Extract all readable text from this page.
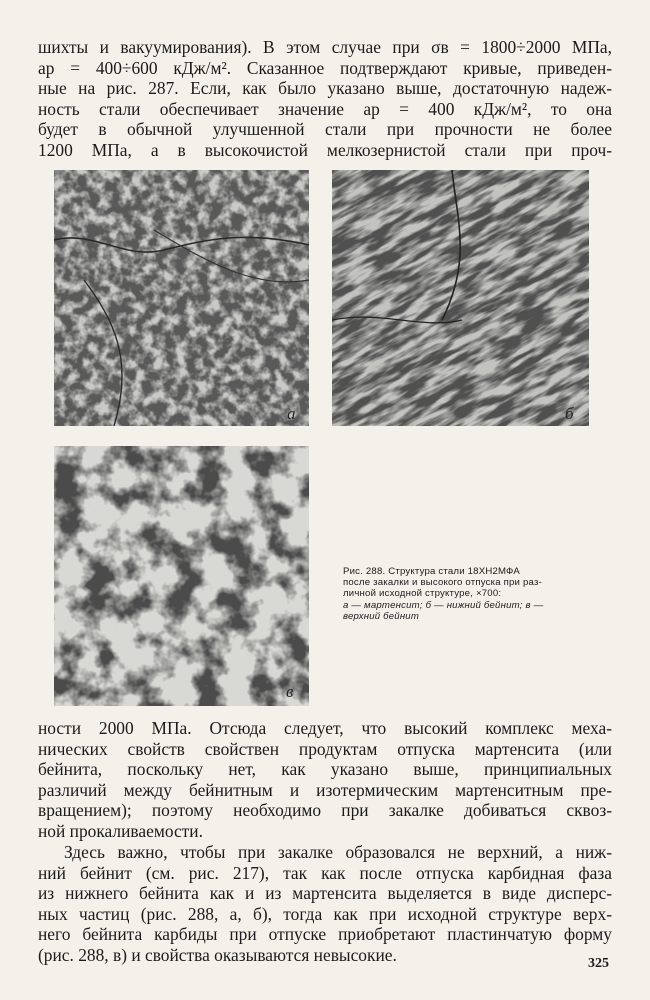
шихты и вакуумирования). В этом случае при σв = 1800÷2000 МПа,
ap = 400÷600 кДж/м². Сказанное подтверждают кривые, приведен-
ные на рис. 287. Если, как было указано выше, достаточную надеж-
ность стали обеспечивает значение ap = 400 кДж/м², то она
будет в обычной улучшенной стали при прочности не более
1200 МПа, а в высокочистой мелкозернистой стали при проч-
а	б
в
Рис. 288. Структура стали 18ХН2МФА
после закалки и высокого отпуска при раз-
личной исходной структуре, ×700:
а — мартенсит; б — нижний бейнит; в —
верхний бейнит
ности 2000 МПа. Отсюда следует, что высокий комплекс меха-
нических свойств свойствен продуктам отпуска мартенсита (или
бейнита, поскольку нет, как указано выше, принципиальных
различий между бейнитным и изотермическим мартенситным пре-
вращением); поэтому необходимо при закалке добиваться сквоз-
ной прокаливаемости.
Здесь важно, чтобы при закалке образовался не верхний, а ниж-
ний бейнит (см. рис. 217), так как после отпуска карбидная фаза
из нижнего бейнита как и из мартенсита выделяется в виде дисперс-
ных частиц (рис. 288, а, б), тогда как при исходной структуре верх-
него бейнита карбиды при отпуске приобретают пластинчатую форму
(рис. 288, в) и свойства оказываются невысокие.	325
